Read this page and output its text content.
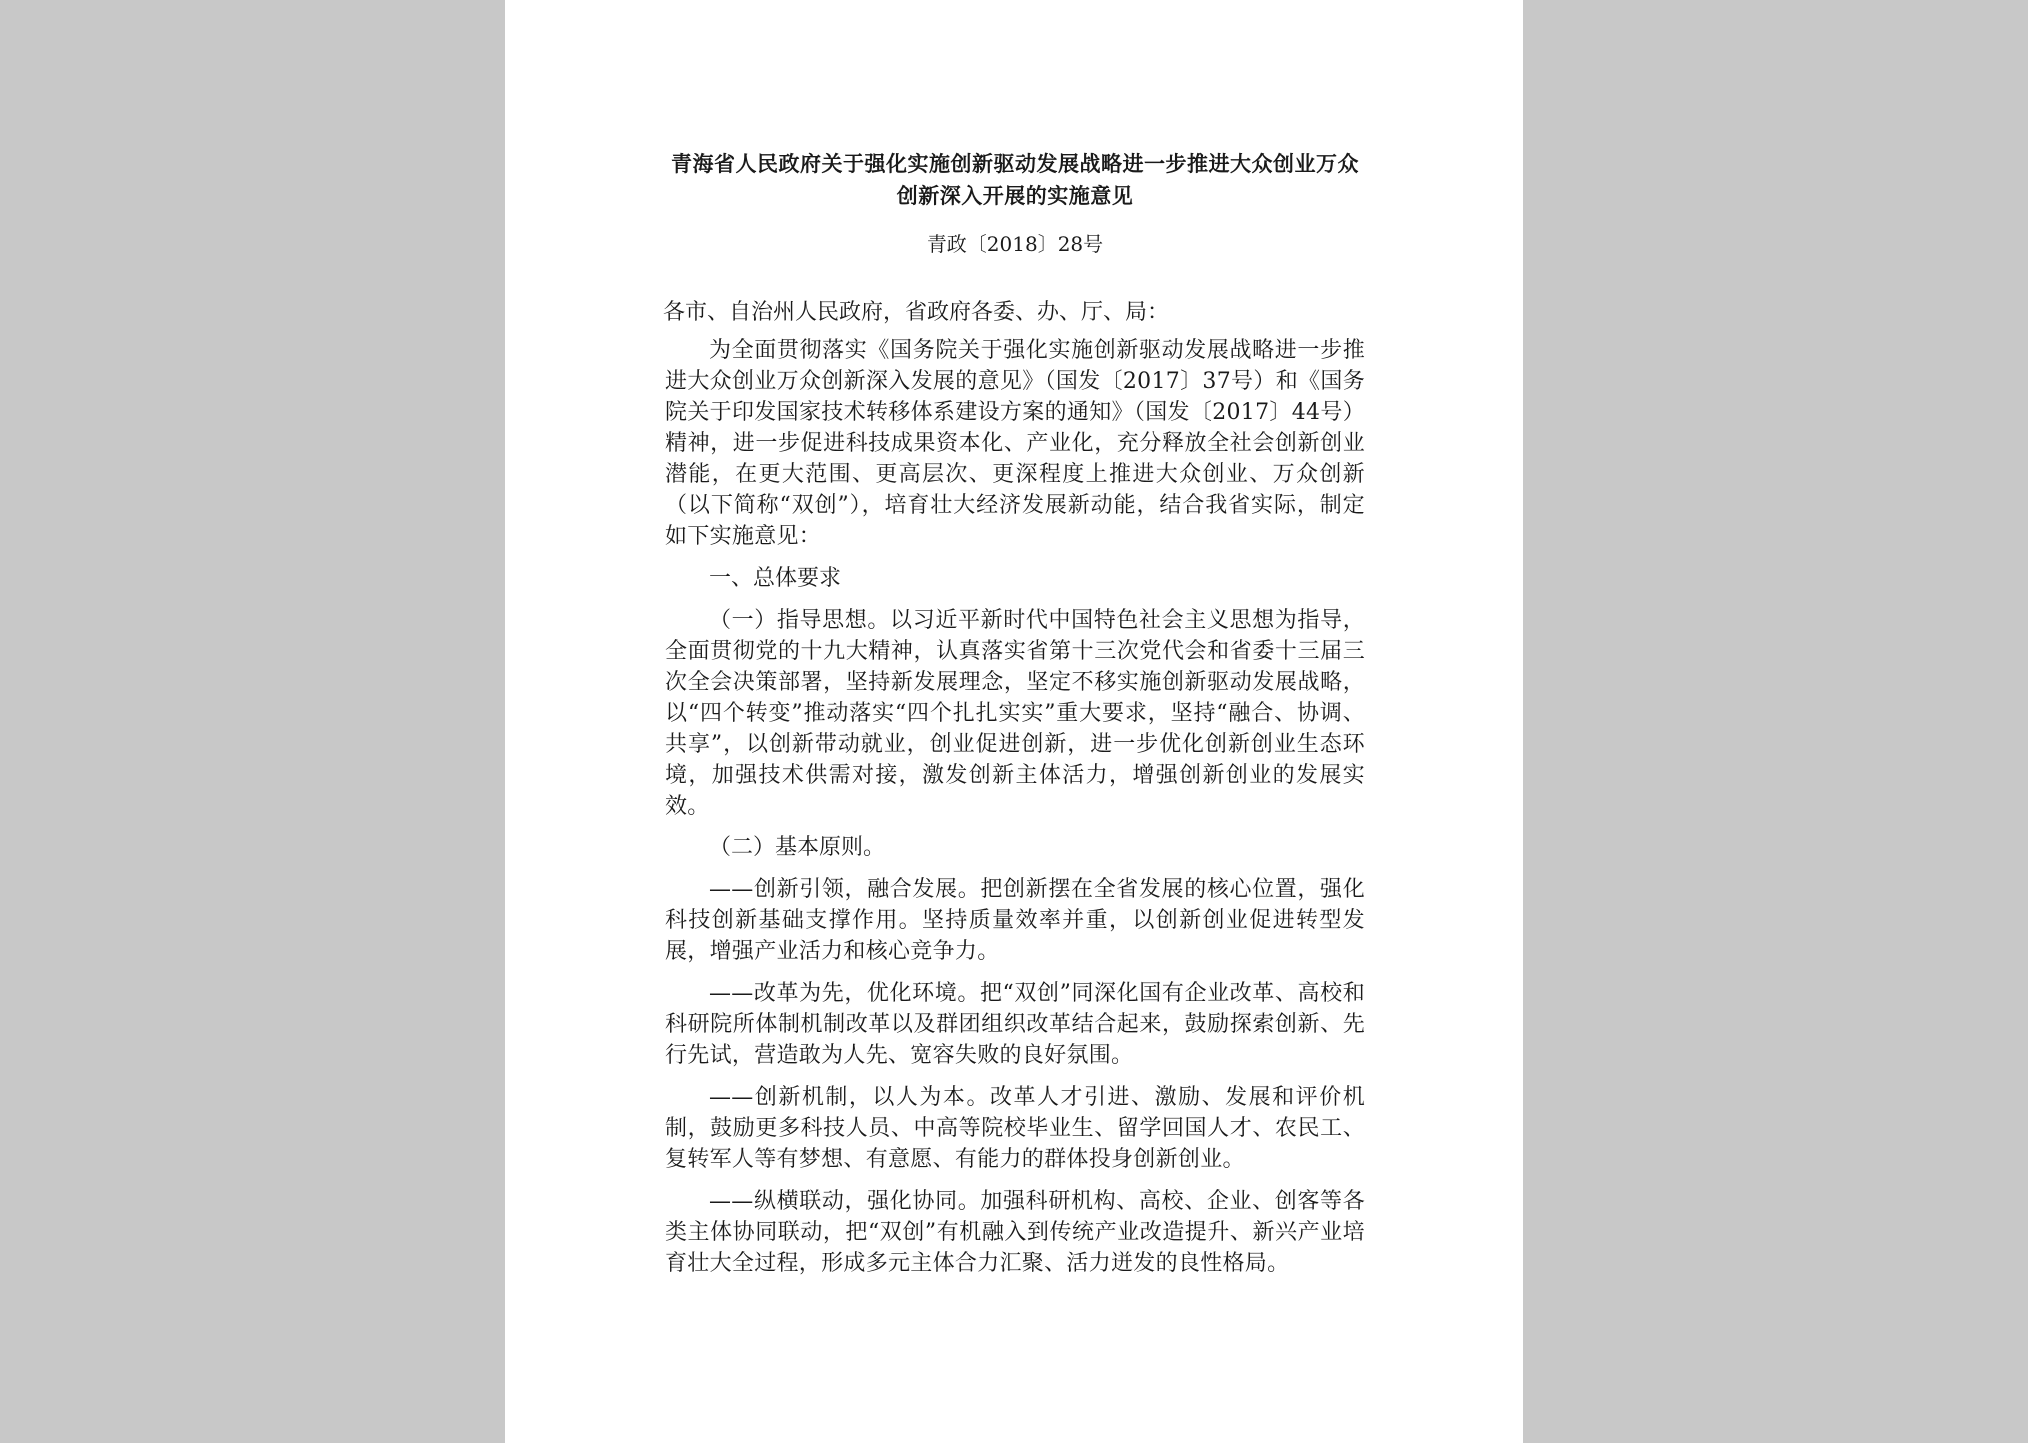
青海省人民政府关于强化实施创新驱动发展战略进一步推进大众创业万众创新深入开展的实施意见
青政〔2018〕28号
各市、自治州人民政府，省政府各委、办、厅、局：

为全面贯彻落实《国务院关于强化实施创新驱动发展战略进一步推进大众创业万众创新深入发展的意见》（国发〔2017〕37号）和《国务院关于印发国家技术转移体系建设方案的通知》（国发〔2017〕44号）精神，进一步促进科技成果资本化、产业化，充分释放全社会创新创业潜能，在更大范围、更高层次、更深程度上推进大众创业、万众创新（以下简称“双创”），培育壮大经济发展新动能，结合我省实际，制定如下实施意见：

一、总体要求

（一）指导思想。以习近平新时代中国特色社会主义思想为指导，全面贯彻党的十九大精神，认真落实省第十三次党代会和省委十三届三次全会决策部署，坚持新发展理念，坚定不移实施创新驱动发展战略，以“四个转变”推动落实“四个扎扎实实”重大要求，坚持“融合、协调、共享”，以创新带动就业，创业促进创新，进一步优化创新创业生态环境，加强技术供需对接，激发创新主体活力，增强创新创业的发展实效。

（二）基本原则。

——创新引领，融合发展。把创新摆在全省发展的核心位置，强化科技创新基础支撑作用。坚持质量效率并重，以创新创业促进转型发展，增强产业活力和核心竞争力。

——改革为先，优化环境。把“双创”同深化国有企业改革、高校和科研院所体制机制改革以及群团组织改革结合起来，鼓励探索创新、先行先试，营造敢为人先、宽容失败的良好氛围。

——创新机制，以人为本。改革人才引进、激励、发展和评价机制，鼓励更多科技人员、中高等院校毕业生、留学回国人才、农民工、复转军人等有梦想、有意愿、有能力的群体投身创新创业。

——纵横联动，强化协同。加强科研机构、高校、企业、创客等各类主体协同联动，把“双创”有机融入到传统产业改造提升、新兴产业培育壮大全过程，形成多元主体合力汇聚、活力迸发的良性格局。
